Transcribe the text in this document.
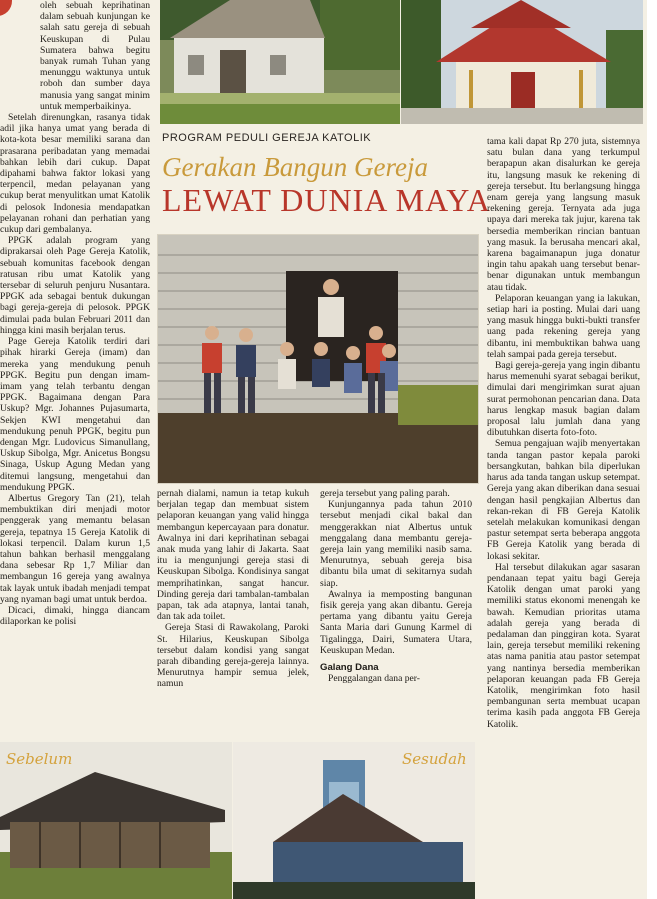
PROGRAM PEDULI GEREJA KATOLIK
Gerakan Bangun Gereja
LEWAT DUNIA MAYA

oleh sebuah keprihatinan dalam sebuah kunjungan ke salah satu gereja di sebuah Keuskupan di Pulau Sumatera bahwa begitu banyak rumah Tuhan yang menunggu waktunya untuk roboh dan sumber daya manusia yang sangat minim untuk memperbaikinya.

Setelah direnungkan, rasanya tidak adil jika hanya umat yang berada di kota-kota besar memiliki sarana dan prasarana peribadatan yang memadai bahkan lebih dari cukup. Dapat dipahami bahwa faktor lokasi yang terpencil, medan pelayanan yang cukup berat menyulitkan umat Katolik di pelosok Indonesia mendapatkan pelayanan rohani dan perhatian yang cukup dari gembalanya.

PPGK adalah program yang diprakarsai oleh Page Gereja Katolik, sebuah komunitas facebook dengan ratusan ribu umat Katolik yang tersebar di seluruh penjuru Nusantara. PPGK ada sebagai bentuk dukungan bagi gereja-gereja di pelosok. PPGK dimulai pada bulan Februari 2011 dan hingga kini masih berjalan terus.

Page Gereja Katolik terdiri dari pihak hirarki Gereja (imam) dan mereka yang mendukung penuh PPGK. Begitu pun dengan imam-imam yang telah terbantu dengan PPGK. Bagaimana dengan Para Uskup? Mgr. Johannes Pujasumarta, Sekjen KWI mengetahui dan mendukung penuh PPGK, begitu pun dengan Mgr. Ludovicus Simanullang, Uskup Sibolga, Mgr. Anicetus Bongsu Sinaga, Uskup Agung Medan yang ditemui langsung, mengetahui dan mendukung PPGK.

Albertus Gregory Tan (21), telah membuktikan diri menjadi motor penggerak yang memantu belasan gereja, tepatnya 15 Gereja Katolik di lokasi terpencil. Dalam kurun 1,5 tahun bahkan berhasil menggalang dana sebesar Rp 1,7 Miliar dan membangun 16 gereja yang awalnya tak layak untuk ibadah menjadi tempat yang nyaman bagi umat untuk berdoa.

Dicaci, dimaki, hingga diancam dilaporkan ke polisi

pernah dialami, namun ia tetap kukuh berjalan tegap dan membuat sistem pelaporan keuangan yang valid hingga membangun kepercayaan para donatur. Awalnya ini dari keprihatinan sebagai anak muda yang lahir di Jakarta. Saat itu ia mengunjungi gereja stasi di Keuskupan Sibolga. Kondisinya sangat memprihatinkan, sangat hancur. Dinding gereja dari tambalan-tambalan papan, tak ada atapnya, lantai tanah, dan tak ada toilet.

Gereja Stasi di Rawakolang, Paroki St. Hilarius, Keuskupan Sibolga tersebut dalam kondisi yang sangat parah dibanding gereja-gereja lainnya. Menurutnya hampir semua jelek, namun

gereja tersebut yang paling parah.

Kunjungannya pada tahun 2010 tersebut menjadi cikal bakal dan menggerakkan niat Albertus untuk menggalang dana membantu gereja-gereja lain yang memiliki nasib sama. Menurutnya, sebuah gereja bisa dibantu bila umat di sekitarnya sudah siap.

Awalnya ia memposting bangunan fisik gereja yang akan dibantu. Gereja pertama yang dibantu yaitu Gereja Santa Maria dari Gunung Karmel di Tigalingga, Dairi, Sumatera Utara, Keuskupan Medan.

Galang Dana

Penggalangan dana per-

tama kali dapat Rp 270 juta, sistemnya satu bulan dana yang terkumpul berapapun akan disalurkan ke gereja itu, langsung masuk ke rekening di gereja tersebut. Itu berlangsung hingga enam gereja yang langsung masuk rekening gereja. Ternyata ada juga upaya dari mereka tak jujur, karena tak bersedia memberikan rincian bantuan yang masuk. Ia berusaha mencari akal, karena bagaimanapun juga donatur ingin tahu apakah uang tersebut benar-benar digunakan untuk membangun atau tidak.

Pelaporan keuangan yang ia lakukan, setiap hari ia posting. Mulai dari uang yang masuk hingga bukti-bukti transfer uang pada rekening gereja yang dibantu, ini membuktikan bahwa uang telah sampai pada gereja tersebut.

Bagi gereja-gereja yang ingin dibantu harus memenuhi syarat sebagai berikut, dimulai dari mengirimkan surat ajuan surat permohonan pencarian dana. Data harus lengkap masuk bagian dalam proposal lalu jumlah dana yang dibutuhkan diserta foto-foto.

Semua pengajuan wajib menyertakan tanda tangan pastor kepala paroki bersangkutan, bahkan bila diperlukan harus ada tanda tangan uskup setempat. Gereja yang akan diberikan dana sesuai dengan hasil pengkajian Albertus dan rekan-rekan di FB Gereja Katolik setelah melakukan komunikasi dengan pastur setempat serta beberapa anggota FB Gereja Katolik yang berada di lokasi sekitar.

Hal tersebut dilakukan agar sasaran pendanaan tepat yaitu bagi Gereja Katolik dengan umat paroki yang memiliki status ekonomi menengah ke bawah. Kemudian prioritas utama adalah gereja yang berada di pedalaman dan pinggiran kota. Syarat lain, gereja tersebut memiliki rekening atas nama panitia atau pastor setempat yang nantinya bersedia memberikan pelaporan keuangan pada FB Gereja Katolik, mengirimkan foto hasil pembangunan serta membuat ucapan terima kasih pada anggota FB Gereja Katolik.

Sebelum	Sesudah
